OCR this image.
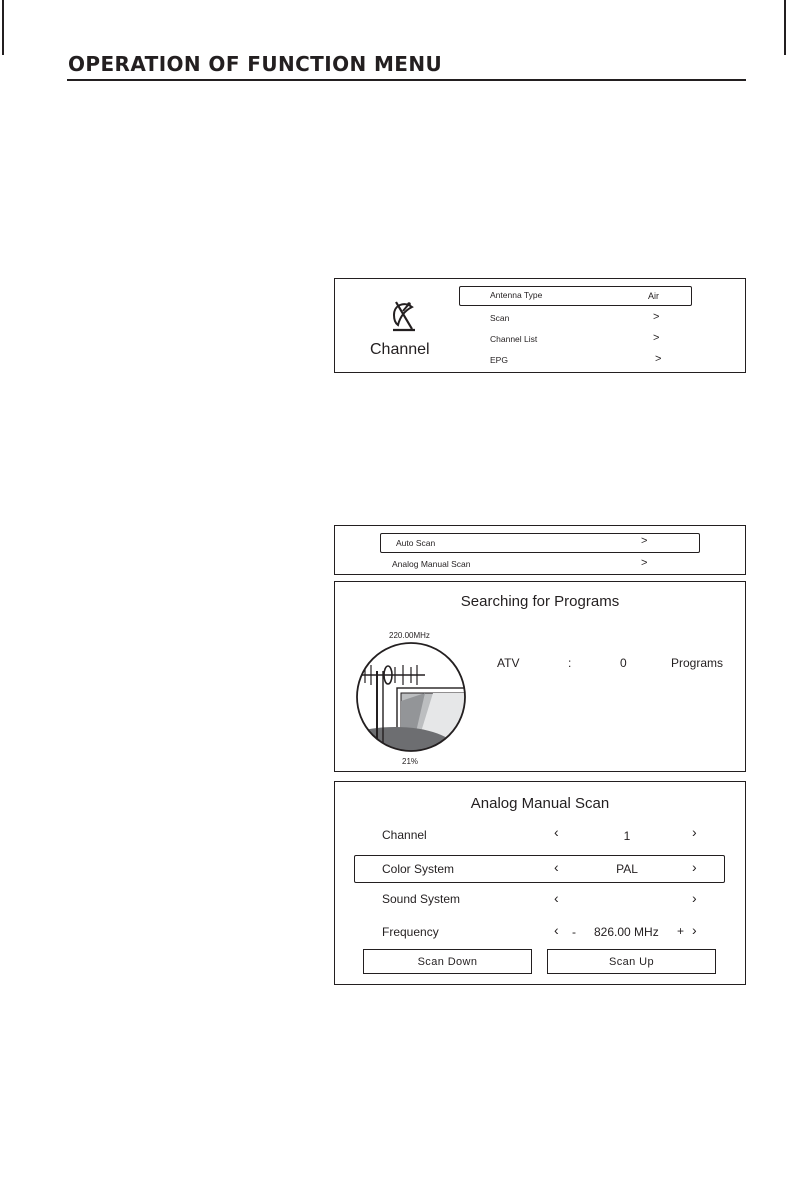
OPERATION OF FUNCTION MENU
Channel
Antenna Type	Air
Scan	>
Channel List	>
EPG	>
Auto Scan	>
Analog Manual Scan	>
Searching for Programs
220.00MHz
21%
ATV	:	0	Programs
Analog Manual Scan
Channel	‹	1	›
Color System	‹	PAL	›
Sound System	‹	›
Frequency	‹ - 826.00 MHz + ›
Scan Down	Scan Up
